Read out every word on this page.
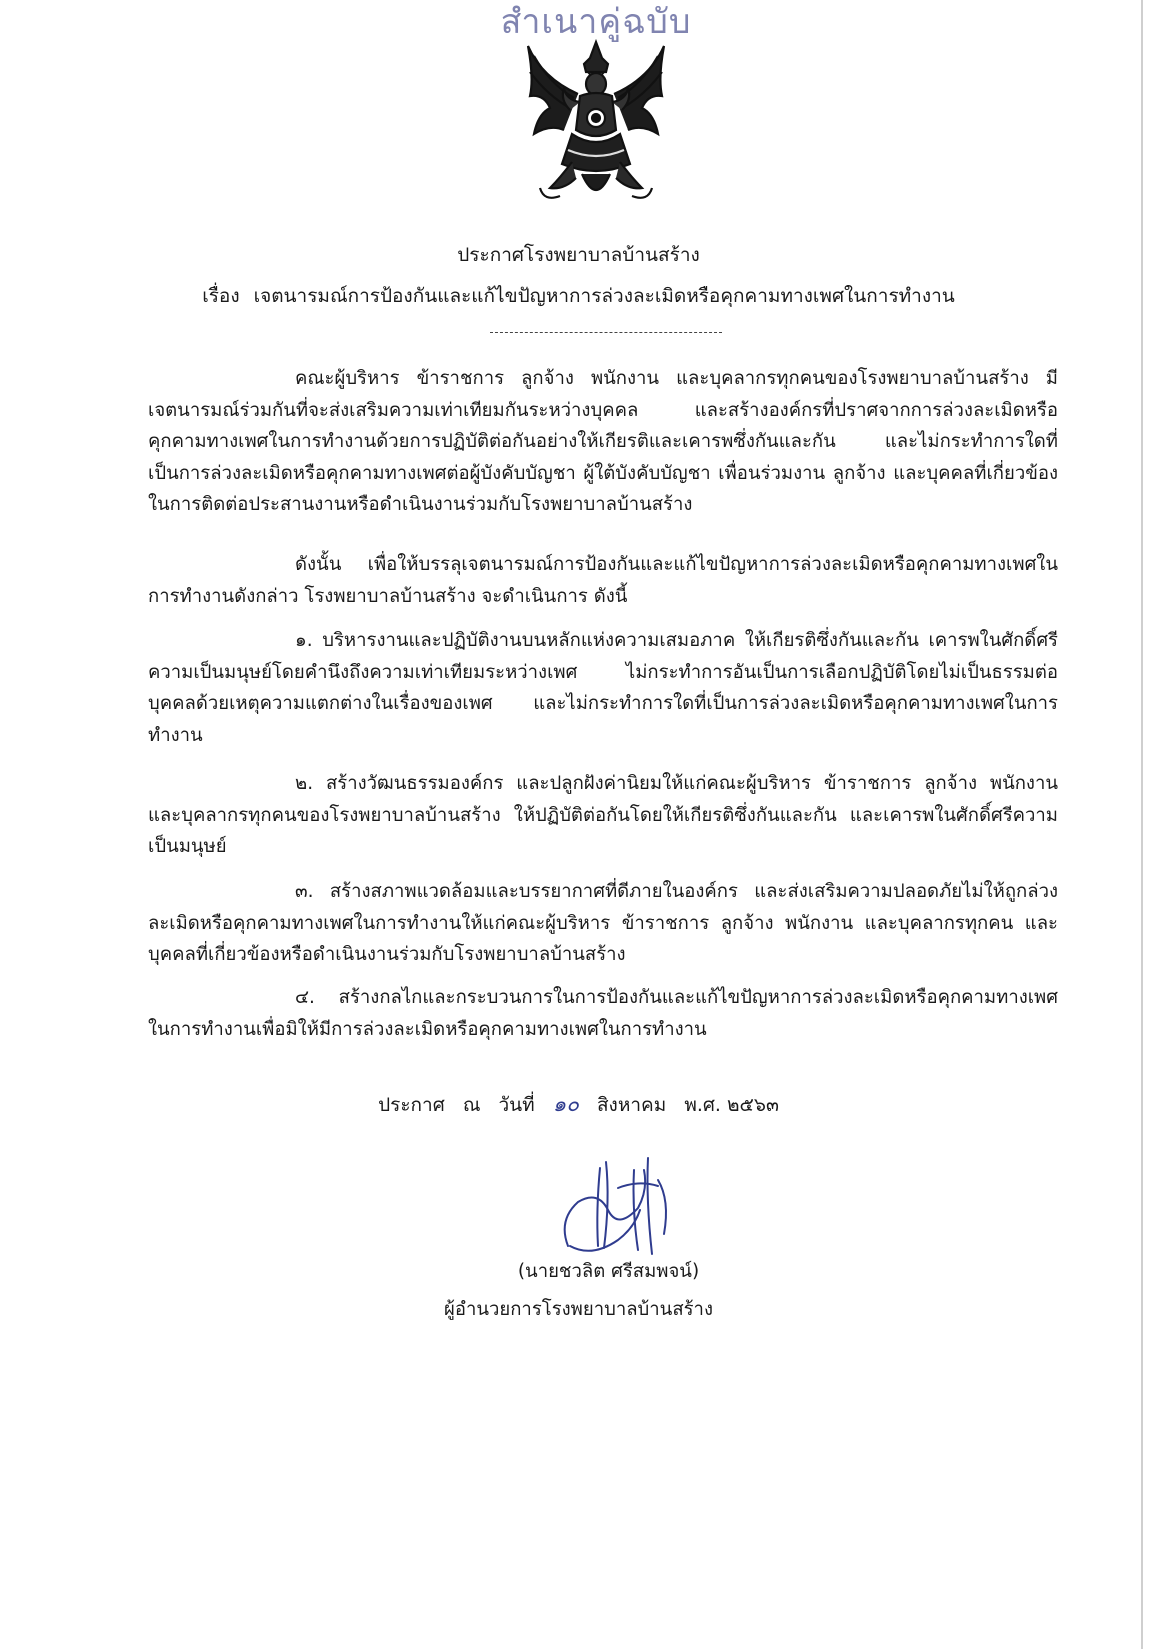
สำเนาคู่ฉบับ
ประกาศโรงพยาบาลบ้านสร้าง
เรื่อง เจตนารมณ์การป้องกันและแก้ไขปัญหาการล่วงละเมิดหรือคุกคามทางเพศในการทำงาน
คณะผู้บริหาร ข้าราชการ ลูกจ้าง พนักงาน และบุคลากรทุกคนของโรงพยาบาลบ้านสร้าง มีเจตนารมณ์ร่วมกันที่จะส่งเสริมความเท่าเทียมกันระหว่างบุคคล และสร้างองค์กรที่ปราศจากการล่วงละเมิดหรือคุกคามทางเพศในการทำงานด้วยการปฏิบัติต่อกันอย่างให้เกียรติและเคารพซึ่งกันและกัน และไม่กระทำการใดที่เป็นการล่วงละเมิดหรือคุกคามทางเพศต่อผู้บังคับบัญชา ผู้ใต้บังคับบัญชา เพื่อนร่วมงาน ลูกจ้าง และบุคคลที่เกี่ยวข้องในการติดต่อประสานงานหรือดำเนินงานร่วมกับโรงพยาบาลบ้านสร้าง
ดังนั้น เพื่อให้บรรลุเจตนารมณ์การป้องกันและแก้ไขปัญหาการล่วงละเมิดหรือคุกคามทางเพศในการทำงานดังกล่าว โรงพยาบาลบ้านสร้าง จะดำเนินการ ดังนี้
๑. บริหารงานและปฏิบัติงานบนหลักแห่งความเสมอภาค ให้เกียรติซึ่งกันและกัน เคารพในศักดิ์ศรีความเป็นมนุษย์โดยคำนึงถึงความเท่าเทียมระหว่างเพศ ไม่กระทำการอันเป็นการเลือกปฏิบัติโดยไม่เป็นธรรมต่อบุคคลด้วยเหตุความแตกต่างในเรื่องของเพศ และไม่กระทำการใดที่เป็นการล่วงละเมิดหรือคุกคามทางเพศในการทำงาน
๒. สร้างวัฒนธรรมองค์กร และปลูกฝังค่านิยมให้แก่คณะผู้บริหาร ข้าราชการ ลูกจ้าง พนักงาน และบุคลากรทุกคนของโรงพยาบาลบ้านสร้าง ให้ปฏิบัติต่อกันโดยให้เกียรติซึ่งกันและกัน และเคารพในศักดิ์ศรีความเป็นมนุษย์
๓. สร้างสภาพแวดล้อมและบรรยากาศที่ดีภายในองค์กร และส่งเสริมความปลอดภัยไม่ให้ถูกล่วงละเมิดหรือคุกคามทางเพศในการทำงานให้แก่คณะผู้บริหาร ข้าราชการ ลูกจ้าง พนักงาน และบุคลากรทุกคน และบุคคลที่เกี่ยวข้องหรือดำเนินงานร่วมกับโรงพยาบาลบ้านสร้าง
๔. สร้างกลไกและกระบวนการในการป้องกันและแก้ไขปัญหาการล่วงละเมิดหรือคุกคามทางเพศในการทำงานเพื่อมิให้มีการล่วงละเมิดหรือคุกคามทางเพศในการทำงาน
ประกาศ ณ วันที่ ๑๐ สิงหาคม พ.ศ. ๒๕๖๓
(นายชวลิต ศรีสมพจน์)
ผู้อำนวยการโรงพยาบาลบ้านสร้าง
